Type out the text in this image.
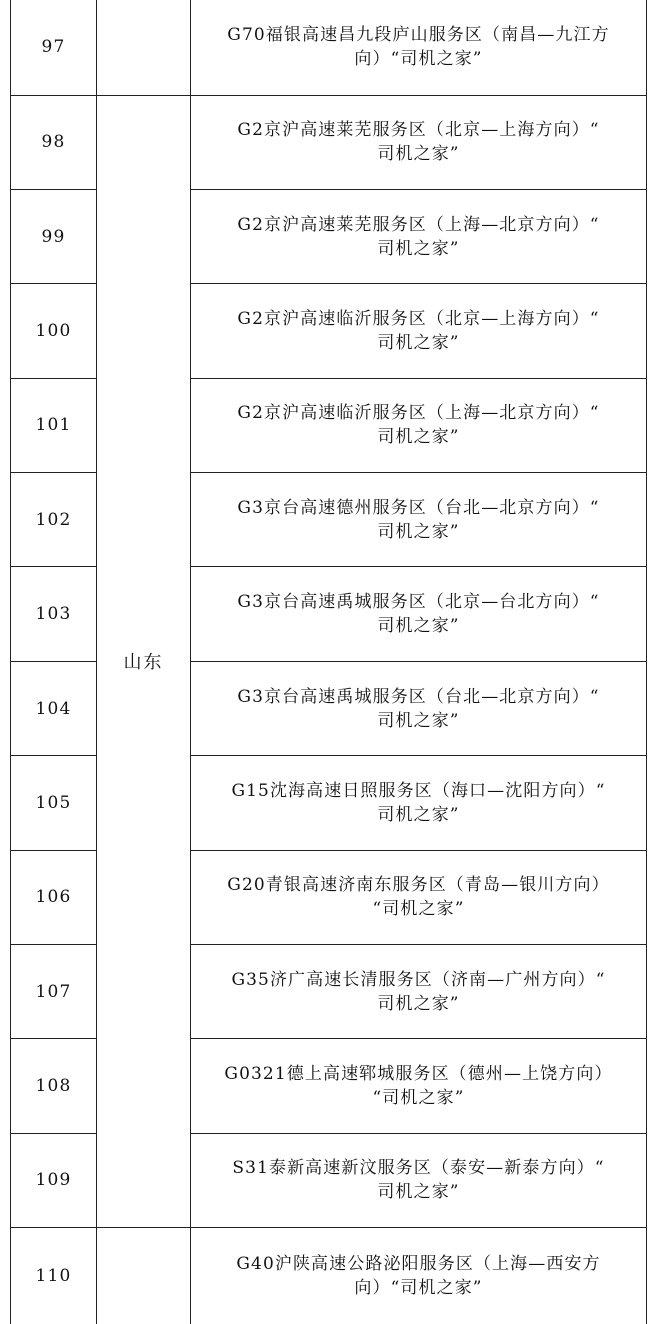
97		G70福银高速昌九段庐山服务区（南昌—九江方
向）“司机之家”
98	山东	G2京沪高速莱芜服务区（北京—上海方向）“
司机之家”
99		G2京沪高速莱芜服务区（上海—北京方向）“
司机之家”
100		G2京沪高速临沂服务区（北京—上海方向）“
司机之家”
101		G2京沪高速临沂服务区（上海—北京方向）“
司机之家”
102		G3京台高速德州服务区（台北—北京方向）“
司机之家”
103		G3京台高速禹城服务区（北京—台北方向）“
司机之家”
104		G3京台高速禹城服务区（台北—北京方向）“
司机之家”
105		G15沈海高速日照服务区（海口—沈阳方向）“
司机之家”
106		G20青银高速济南东服务区（青岛—银川方向）
“司机之家”
107		G35济广高速长清服务区（济南—广州方向）“
司机之家”
108		G0321德上高速郓城服务区（德州—上饶方向）
“司机之家”
109		S31泰新高速新汶服务区（泰安—新泰方向）“
司机之家”
110		G40沪陕高速公路泌阳服务区（上海—西安方
向）“司机之家”
